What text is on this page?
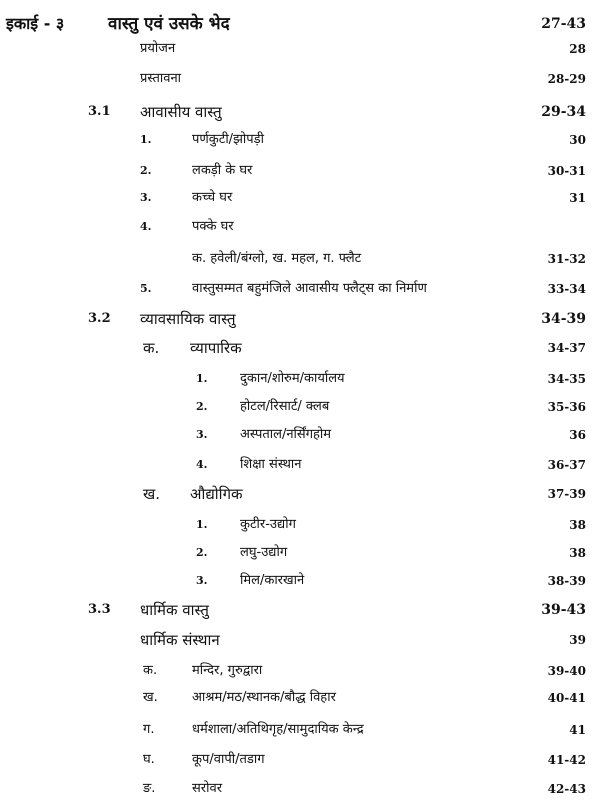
इकाई - ३	वास्तु एवं उसके भेद	27-43
प्रयोजन	28
प्रस्तावना	28-29
3.1 आवासीय वास्तु	29-34
1.	पर्णकुटी/झोपड़ी	30
2.	लकड़ी के घर	30-31
3.	कच्चे घर	31
4.	पक्के घर
क. हवेली/बंग्लो, ख. महल, ग. फ्लैट	31-32
5.	वास्तुसम्मत बहुमंजिले आवासीय फ्लैट्स का निर्माण	33-34
3.2 व्यावसायिक वास्तु	34-39
क. व्यापारिक	34-37
1.	दुकान/शोरुम/कार्यालय	34-35
2.	होटल/रिसार्ट/ क्लब	35-36
3.	अस्पताल/नर्सिंगहोम	36
4.	शिक्षा संस्थान	36-37
ख. औद्योगिक	37-39
1.	कुटीर-उद्योग	38
2.	लघु-उद्योग	38
3.	मिल/कारखाने	38-39
3.3 धार्मिक वास्तु	39-43
धार्मिक संस्थान	39
क.	मन्दिर, गुरुद्वारा	39-40
ख.	आश्रम/मठ/स्थानक/बौद्ध विहार	40-41
ग.	धर्मशाला/अतिथिगृह/सामुदायिक केन्द्र	41
घ.	कूप/वापी/तडाग	41-42
ङ.	सरोवर	42-43
